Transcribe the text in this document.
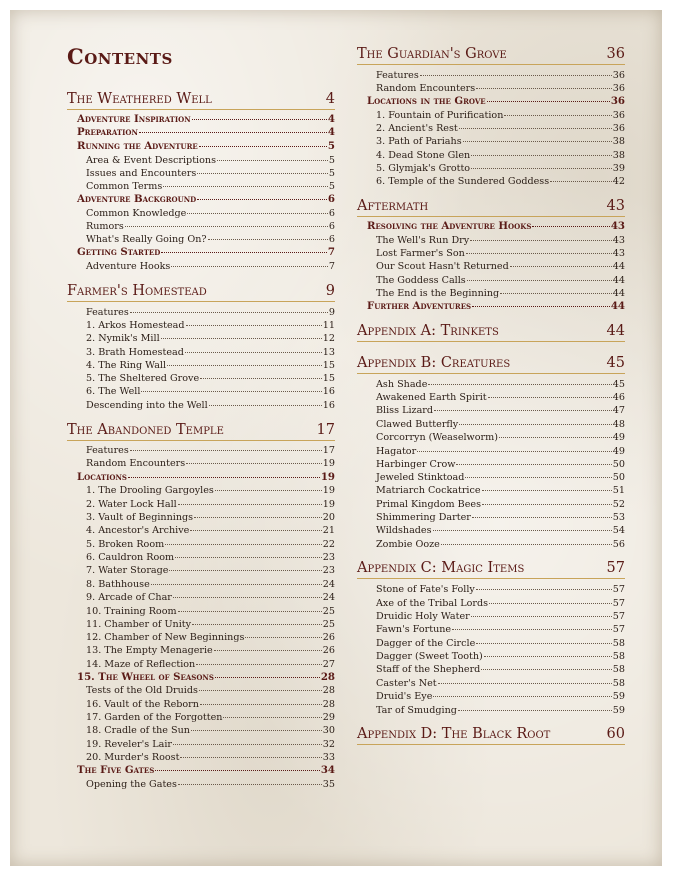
Contents
The Weathered Well	4
Adventure Inspiration	4
Preparation	4
Running the Adventure	5
Area & Event Descriptions	5
Issues and Encounters	5
Common Terms	5
Adventure Background	6
Common Knowledge	6
Rumors	6
What's Really Going On?	6
Getting Started	7
Adventure Hooks	7
Farmer's Homestead	9
Features	9
1. Arkos Homestead	11
2. Nymik's Mill	12
3. Brath Homestead	13
4. The Ring Wall	15
5. The Sheltered Grove	15
6. The Well	16
Descending into the Well	16
The Abandoned Temple	17
Features	17
Random Encounters	19
Locations	19
1. The Drooling Gargoyles	19
2. Water Lock Hall	19
3. Vault of Beginnings	20
4. Ancestor's Archive	21
5. Broken Room	22
6. Cauldron Room	23
7. Water Storage	23
8. Bathhouse	24
9. Arcade of Char	24
10. Training Room	25
11. Chamber of Unity	25
12. Chamber of New Beginnings	26
13. The Empty Menagerie	26
14. Maze of Reflection	27
15. The Wheel of Seasons	28
Tests of the Old Druids	28
16. Vault of the Reborn	28
17. Garden of the Forgotten	29
18. Cradle of the Sun	30
19. Reveler's Lair	32
20. Murder's Roost	33
The Five Gates	34
Opening the Gates	35
The Guardian's Grove	36
Features	36
Random Encounters	36
Locations in the Grove	36
1. Fountain of Purification	36
2. Ancient's Rest	36
3. Path of Pariahs	38
4. Dead Stone Glen	38
5. Glymjak's Grotto	39
6. Temple of the Sundered Goddess	42
Aftermath	43
Resolving the Adventure Hooks	43
The Well's Run Dry	43
Lost Farmer's Son	43
Our Scout Hasn't Returned	44
The Goddess Calls	44
The End is the Beginning	44
Further Adventures	44
Appendix A: Trinkets	44
Appendix B: Creatures	45
Ash Shade	45
Awakened Earth Spirit	46
Bliss Lizard	47
Clawed Butterfly	48
Corcorryn (Weaselworm)	49
Hagator	49
Harbinger Crow	50
Jeweled Stinktoad	50
Matriarch Cockatrice	51
Primal Kingdom Bees	52
Shimmering Darter	53
Wildshades	54
Zombie Ooze	56
Appendix C: Magic Items	57
Stone of Fate's Folly	57
Axe of the Tribal Lords	57
Druidic Holy Water	57
Fawn's Fortune	57
Dagger of the Circle	58
Dagger (Sweet Tooth)	58
Staff of the Shepherd	58
Caster's Net	58
Druid's Eye	59
Tar of Smudging	59
Appendix D: The Black Root	60
